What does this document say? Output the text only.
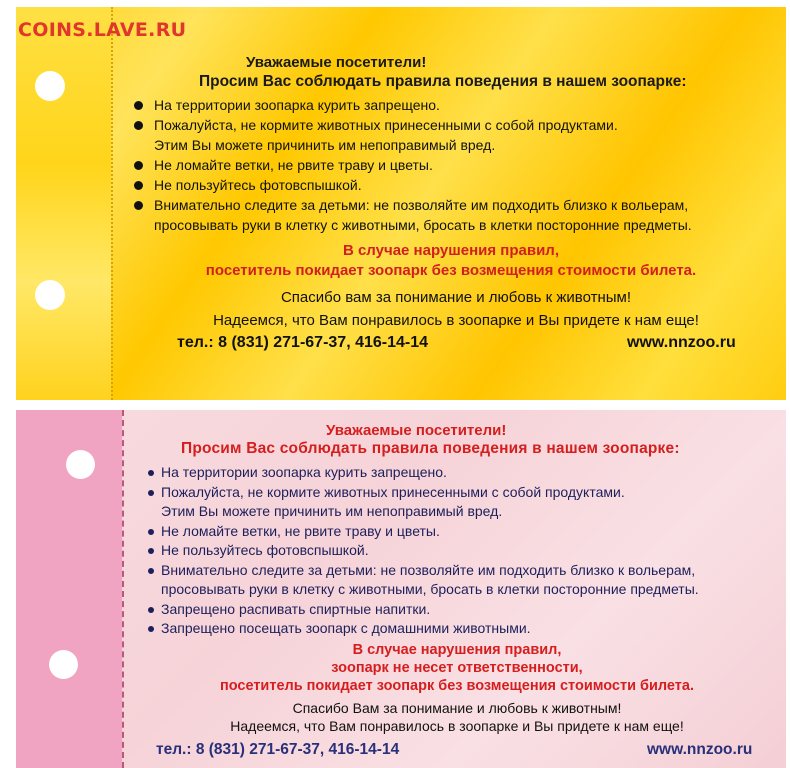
COINS.LAVE.RU
Уважаемые посетители!
Просим Вас соблюдать правила поведения в нашем зоопарке:
На территории зоопарка курить запрещено.
Пожалуйста, не кормите животных принесенными с собой продуктами.
Этим Вы можете причинить им непоправимый вред.
Не ломайте ветки, не рвите траву и цветы.
Не пользуйтесь фотовспышкой.
Внимательно следите за детьми: не позволяйте им подходить близко к вольерам,
просовывать руки в клетку с животными, бросать в клетки посторонние предметы.
В случае нарушения правил,
посетитель покидает зоопарк без возмещения стоимости билета.
Спасибо вам за понимание и любовь к животным!
Надеемся, что Вам понравилось в зоопарке и Вы придете к нам еще!
тел.: 8 (831) 271-67-37, 416-14-14	www.nnzoo.ru
Уважаемые посетители!
Просим Вас соблюдать правила поведения в нашем зоопарке:
На территории зоопарка курить запрещено.
Пожалуйста, не кормите животных принесенными с собой продуктами.
Этим Вы можете причинить им непоправимый вред.
Не ломайте ветки, не рвите траву и цветы.
Не пользуйтесь фотовспышкой.
Внимательно следите за детьми: не позволяйте им подходить близко к вольерам,
просовывать руки в клетку с животными, бросать в клетки посторонние предметы.
Запрещено распивать спиртные напитки.
Запрещено посещать зоопарк с домашними животными.
В случае нарушения правил,
зоопарк не несет ответственности,
посетитель покидает зоопарк без возмещения стоимости билета.
Спасибо Вам за понимание и любовь к животным!
Надеемся, что Вам понравилось в зоопарке и Вы придете к нам еще!
тел.: 8 (831) 271-67-37, 416-14-14	www.nnzoo.ru
